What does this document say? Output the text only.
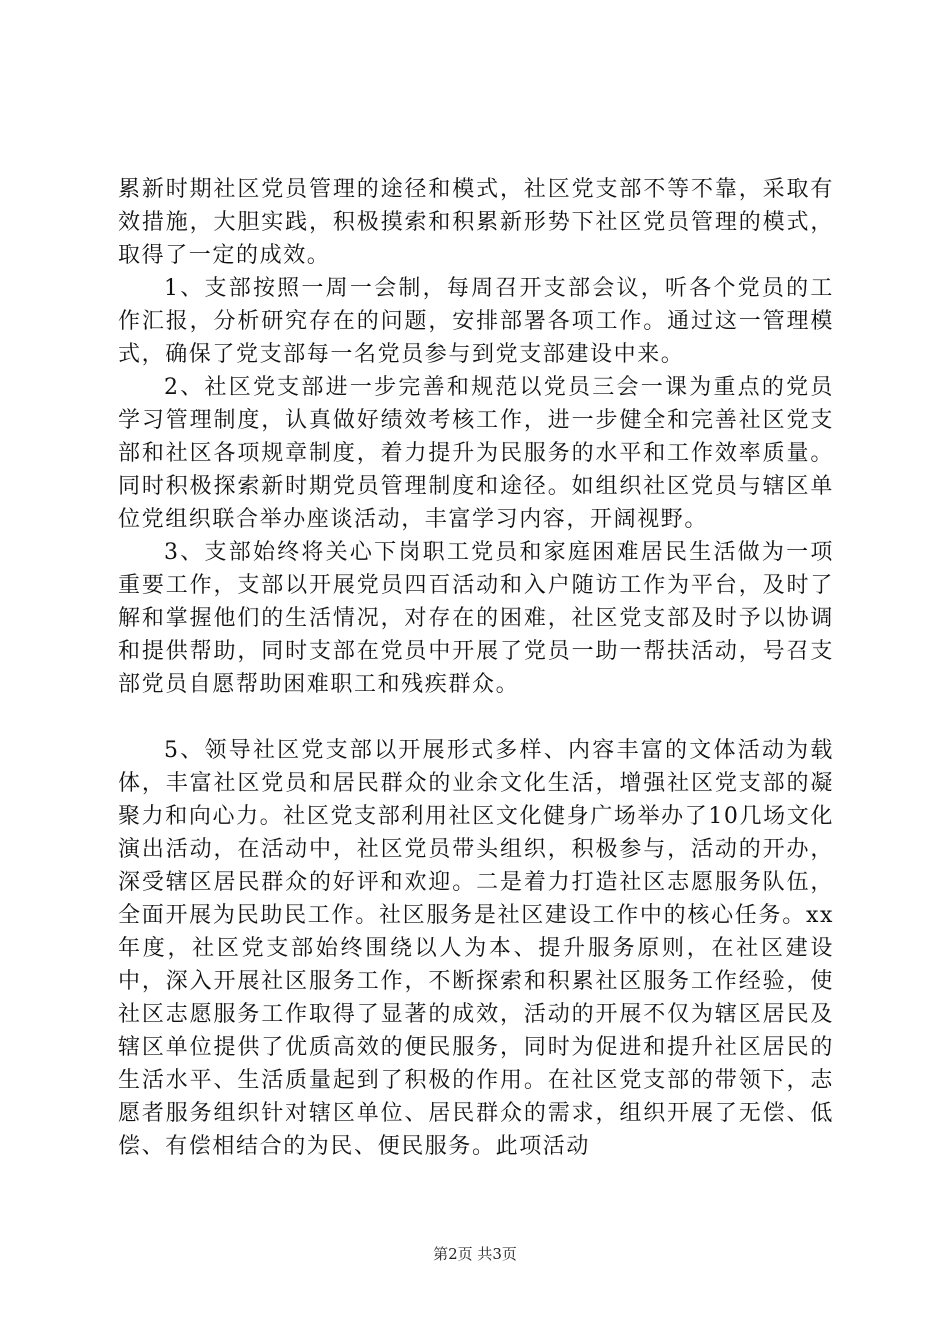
累新时期社区党员管理的途径和模式，社区党支部不等不靠，采取有效措施，大胆实践，积极摸索和积累新形势下社区党员管理的模式，取得了一定的成效。

1、支部按照一周一会制，每周召开支部会议，听各个党员的工作汇报，分析研究存在的问题，安排部署各项工作。通过这一管理模式，确保了党支部每一名党员参与到党支部建设中来。

2、社区党支部进一步完善和规范以党员三会一课为重点的党员学习管理制度，认真做好绩效考核工作，进一步健全和完善社区党支部和社区各项规章制度，着力提升为民服务的水平和工作效率质量。同时积极探索新时期党员管理制度和途径。如组织社区党员与辖区单位党组织联合举办座谈活动，丰富学习内容，开阔视野。

3、支部始终将关心下岗职工党员和家庭困难居民生活做为一项重要工作，支部以开展党员四百活动和入户随访工作为平台，及时了解和掌握他们的生活情况，对存在的困难，社区党支部及时予以协调和提供帮助，同时支部在党员中开展了党员一助一帮扶活动，号召支部党员自愿帮助困难职工和残疾群众。

5、领导社区党支部以开展形式多样、内容丰富的文体活动为载体，丰富社区党员和居民群众的业余文化生活，增强社区党支部的凝聚力和向心力。社区党支部利用社区文化健身广场举办了10几场文化演出活动，在活动中，社区党员带头组织，积极参与，活动的开办，深受辖区居民群众的好评和欢迎。二是着力打造社区志愿服务队伍，全面开展为民助民工作。社区服务是社区建设工作中的核心任务。xx年度，社区党支部始终围绕以人为本、提升服务原则，在社区建设中，深入开展社区服务工作，不断探索和积累社区服务工作经验，使社区志愿服务工作取得了显著的成效，活动的开展不仅为辖区居民及辖区单位提供了优质高效的便民服务，同时为促进和提升社区居民的生活水平、生活质量起到了积极的作用。在社区党支部的带领下，志愿者服务组织针对辖区单位、居民群众的需求，组织开展了无偿、低偿、有偿相结合的为民、便民服务。此项活动

第2页 共3页
